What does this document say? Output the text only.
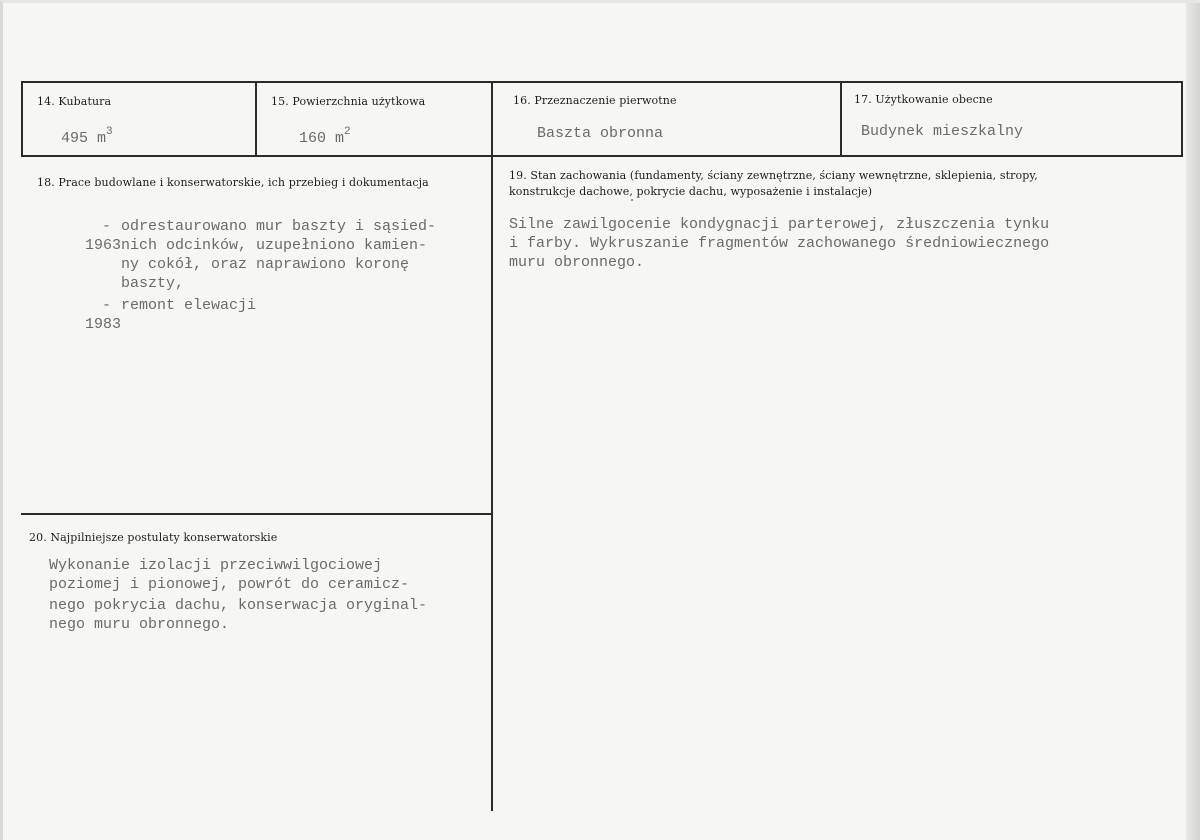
14. Kubatura
495 $m^3$
15. Powierzchnia użytkowa
160 $m^2$
16. Przeznaczenie pierwotne
Baszta obronna
17. Użytkowanie obecne
Budynek mieszkalny
18. Prace budowlane i konserwatorskie, ich przebieg i dokumentacja

1963

- odrestaurowano mur baszty i sąsied-
nich odcinków, uzupełniono kamien-
ny cokół, oraz naprawiono koronę
baszty,

1983

- remont elewacji
19. Stan zachowania (fundamenty, ściany zewnętrzne, ściany wewnętrzne, sklepienia, stropy,
konstrukcje dachowe, pokrycie dachu, wyposażenie i instalacje)
Silne zawilgocenie kondygnacji parterowej, złuszczenia tynku
i farby. Wykruszanie fragmentów zachowanego średniowiecznego
muru obronnego.
20. Najpilniejsze postulaty konserwatorskie
Wykonanie izolacji przeciwwilgociowej
poziomej i pionowej, powrót do ceramicz-
nego pokrycia dachu, konserwacja oryginal-
nego muru obronnego.
